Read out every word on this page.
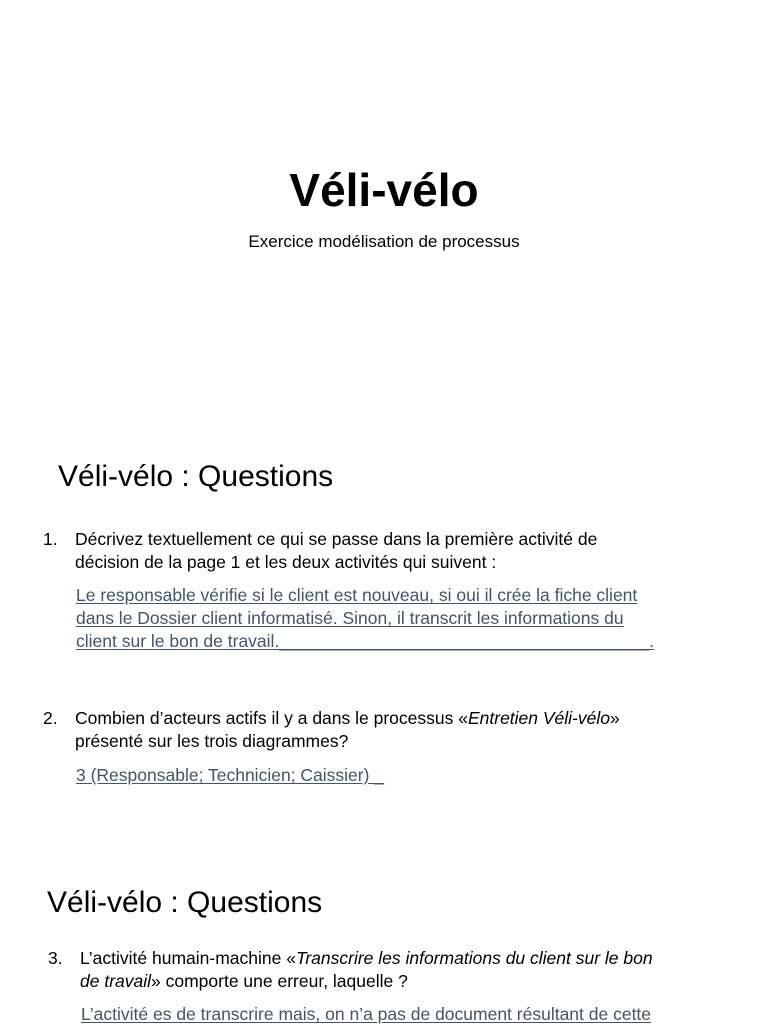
Véli-vélo
Exercice modélisation de processus
Véli-vélo : Questions
1. Décrivez textuellement ce qui se passe dans la première activité de
décision de la page 1 et les deux activités qui suivent :
Le responsable vérifie si le client est nouveau, si oui il crée la fiche client
dans le Dossier client informatisé. Sinon, il transcrit les informations du
client sur le bon de travail.______________________________________.
2. Combien d’acteurs actifs il y a dans le processus «Entretien Véli-vélo»
présenté sur les trois diagrammes?
3 (Responsable; Technicien; Caissier) _
Véli-vélo : Questions
3. L’activité humain-machine «Transcrire les informations du client sur le bon
de travail» comporte une erreur, laquelle ?
L’activité es de transcrire mais, on n’a pas de document résultant de cette
